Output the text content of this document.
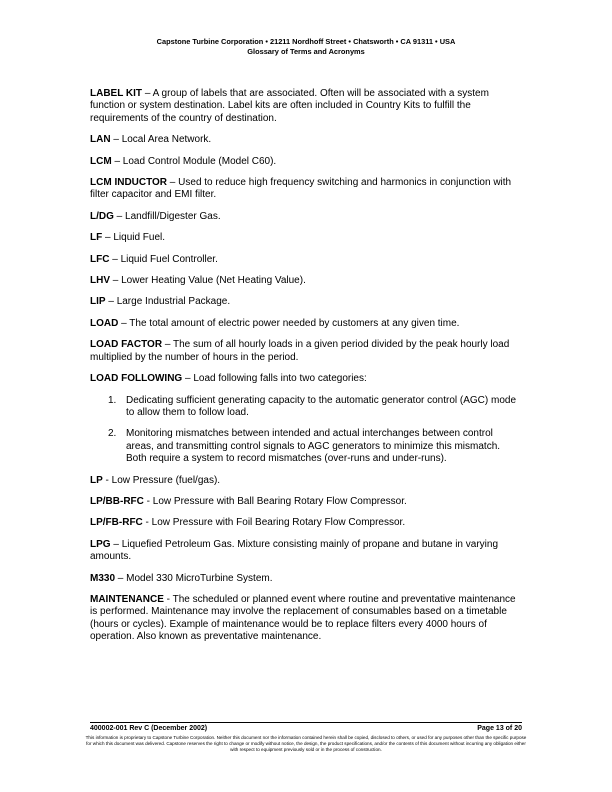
Capstone Turbine Corporation • 21211 Nordhoff Street • Chatsworth • CA 91311 • USA
Glossary of Terms and Acronyms

LABEL KIT – A group of labels that are associated. Often will be associated with a system function or system destination. Label kits are often included in Country Kits to fulfill the requirements of the country of destination.

LAN – Local Area Network.

LCM – Load Control Module (Model C60).

LCM INDUCTOR – Used to reduce high frequency switching and harmonics in conjunction with filter capacitor and EMI filter.

L/DG – Landfill/Digester Gas.

LF – Liquid Fuel.

LFC – Liquid Fuel Controller.

LHV – Lower Heating Value (Net Heating Value).

LIP – Large Industrial Package.

LOAD – The total amount of electric power needed by customers at any given time.

LOAD FACTOR – The sum of all hourly loads in a given period divided by the peak hourly load multiplied by the number of hours in the period.

LOAD FOLLOWING – Load following falls into two categories:

1. Dedicating sufficient generating capacity to the automatic generator control (AGC) mode to allow them to follow load.
2. Monitoring mismatches between intended and actual interchanges between control areas, and transmitting control signals to AGC generators to minimize this mismatch. Both require a system to record mismatches (over-runs and under-runs).

LP - Low Pressure (fuel/gas).

LP/BB-RFC - Low Pressure with Ball Bearing Rotary Flow Compressor.

LP/FB-RFC - Low Pressure with Foil Bearing Rotary Flow Compressor.

LPG – Liquefied Petroleum Gas. Mixture consisting mainly of propane and butane in varying amounts.

M330 – Model 330 MicroTurbine System.

MAINTENANCE - The scheduled or planned event where routine and preventative maintenance is performed. Maintenance may involve the replacement of consumables based on a timetable (hours or cycles). Example of maintenance would be to replace filters every 4000 hours of operation. Also known as preventative maintenance.

400002-001 Rev C (December 2002)	Page 13 of 20
This information is proprietary to Capstone Turbine Corporation. Neither this document nor the information contained herein shall be copied, disclosed to others, or used for any purposes other than the specific purpose for which this document was delivered. Capstone reserves the right to change or modify without notice, the design, the product specifications, and/or the contents of this document without incurring any obligation either with respect to equipment previously sold or in the process of construction.
